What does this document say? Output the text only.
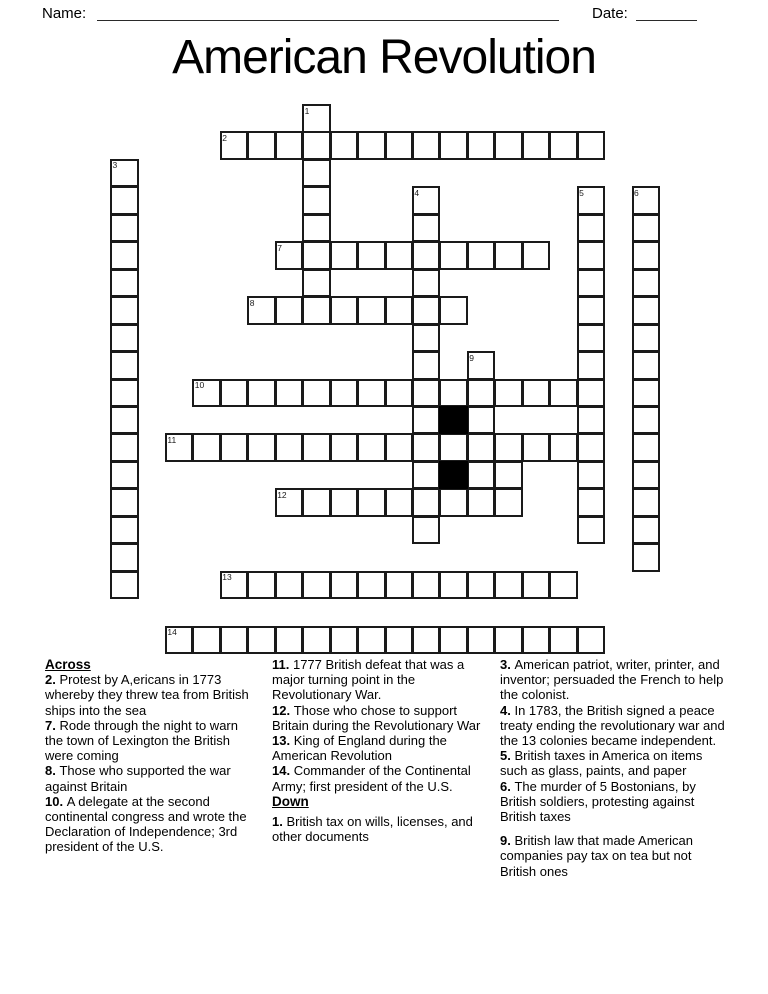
Name:	Date:
American Revolution
1
2
3
4	5	6
7
8
9
10
11
12
13
14
Across

2. Protest by A,ericans in 1773 whereby they threw tea from British ships into the sea

7. Rode through the night to warn the town of Lexington the British were coming

8. Those who supported the war against Britain

10. A delegate at the second continental congress and wrote the Declaration of Independence; 3rd president of the U.S.

11. 1777 British defeat that was a major turning point in the Revolutionary War.

12. Those who chose to support Britain during the Revolutionary War

13. King of England during the American Revolution

14. Commander of the Continental Army; first president of the U.S.

Down

1. British tax on wills, licenses, and other documents

3. American patriot, writer, printer, and inventor; persuaded the French to help the colonist.

4. In 1783, the British signed a peace treaty ending the revolutionary war and the 13 colonies became independent.

5. British taxes in America on items such as glass, paints, and paper

6. The murder of 5 Bostonians, by British soldiers, protesting against British taxes

9. British law that made American companies pay tax on tea but not British ones
